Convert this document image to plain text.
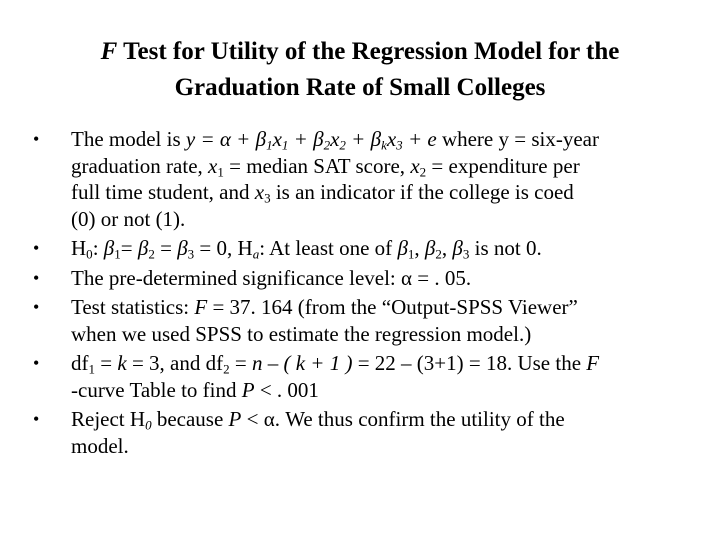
F Test for Utility of the Regression Model for the
Graduation Rate of Small Colleges
• The model is $y = \alpha + \beta_1x_1 + \beta_2x_2 + \beta_kx_3 + e$ where y = six-year
graduation rate, $x_1$ = median SAT score, $x_2$ = expenditure per
full time student, and $x_3$ is an indicator if the college is coed
(0) or not (1).
• $H_0$: $\beta_1= \beta_2 = \beta_3 = 0$, $H_a$: At least one of $\beta_1$, $\beta_2$, $\beta_3$ is not 0.
• The pre-determined significance level: α = . 05.
• Test statistics: F = 37. 164 (from the “Output-SPSS Viewer”
when we used SPSS to estimate the regression model.)
• $df_1 = k = 3$, and $df_2 = n$ – ( k + 1 ) = 22 – (3+1) = 18. Use the F
-curve Table to find P < . 001
• Reject $H_0$ because P < α. We thus confirm the utility of the
model.
